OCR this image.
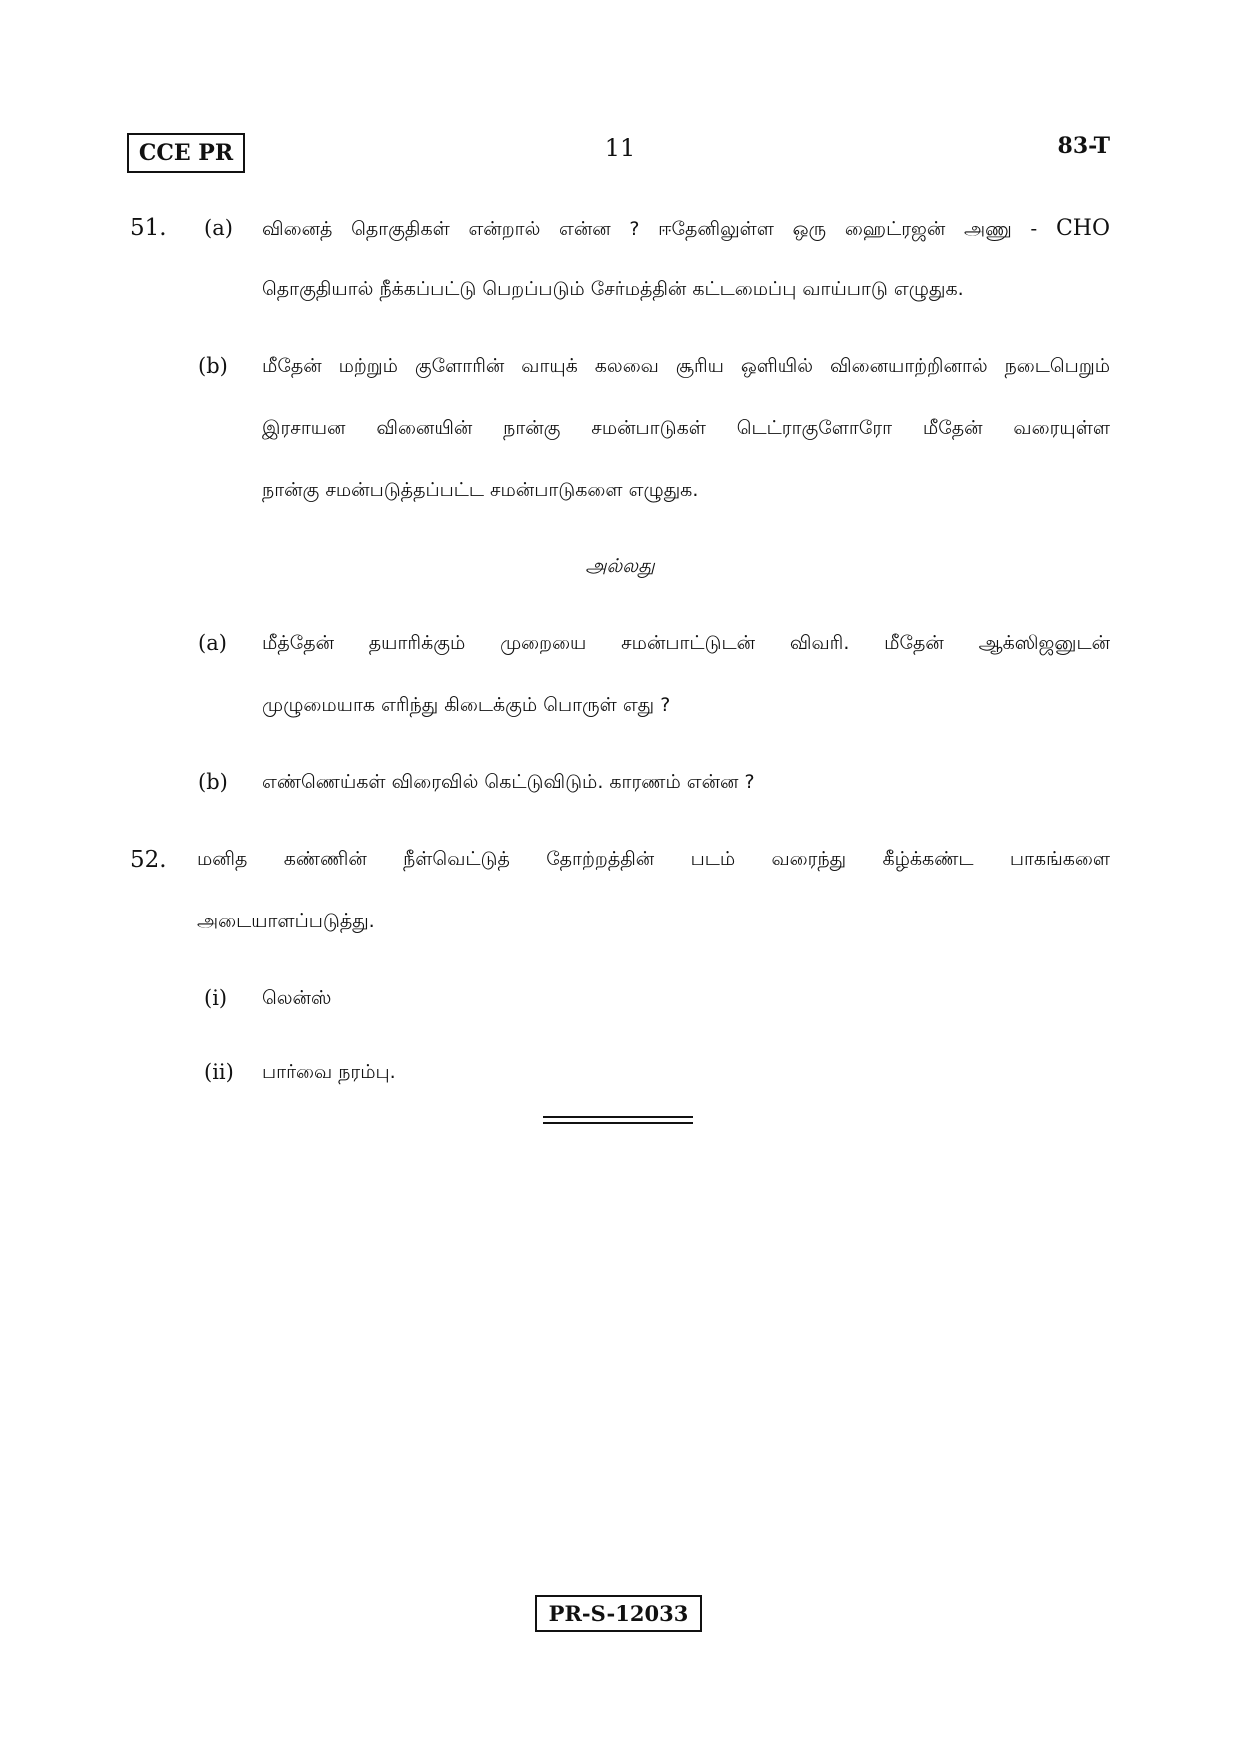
CCE PR	11	83-T
51. (a) வினைத் தொகுதிகள் என்றால் என்ன ? ஈதேனிலுள்ள ஒரு ஹைட்ரஜன் அணு - CHO
தொகுதியால் நீக்கப்பட்டு பெறப்படும் சேர்மத்தின் கட்டமைப்பு வாய்பாடு எழுதுக.
(b) மீதேன் மற்றும் குளோரின் வாயுக் கலவை சூரிய ஒளியில் வினையாற்றினால் நடைபெறும்
இரசாயன வினையின் நான்கு சமன்பாடுகள் டெட்ராகுளோரோ மீதேன் வரையுள்ள
நான்கு சமன்படுத்தப்பட்ட சமன்பாடுகளை எழுதுக.
அல்லது
(a) மீத்தேன் தயாரிக்கும் முறையை சமன்பாட்டுடன் விவரி. மீதேன் ஆக்ஸிஜனுடன்
முழுமையாக எரிந்து கிடைக்கும் பொருள் எது ?
(b) எண்ணெய்கள் விரைவில் கெட்டுவிடும். காரணம் என்ன ?
52. மனித கண்ணின் நீள்வெட்டுத் தோற்றத்தின் படம் வரைந்து கீழ்க்கண்ட பாகங்களை
அடையாளப்படுத்து.
(i) லென்ஸ்
(ii) பார்வை நரம்பு.
PR-S-12033
